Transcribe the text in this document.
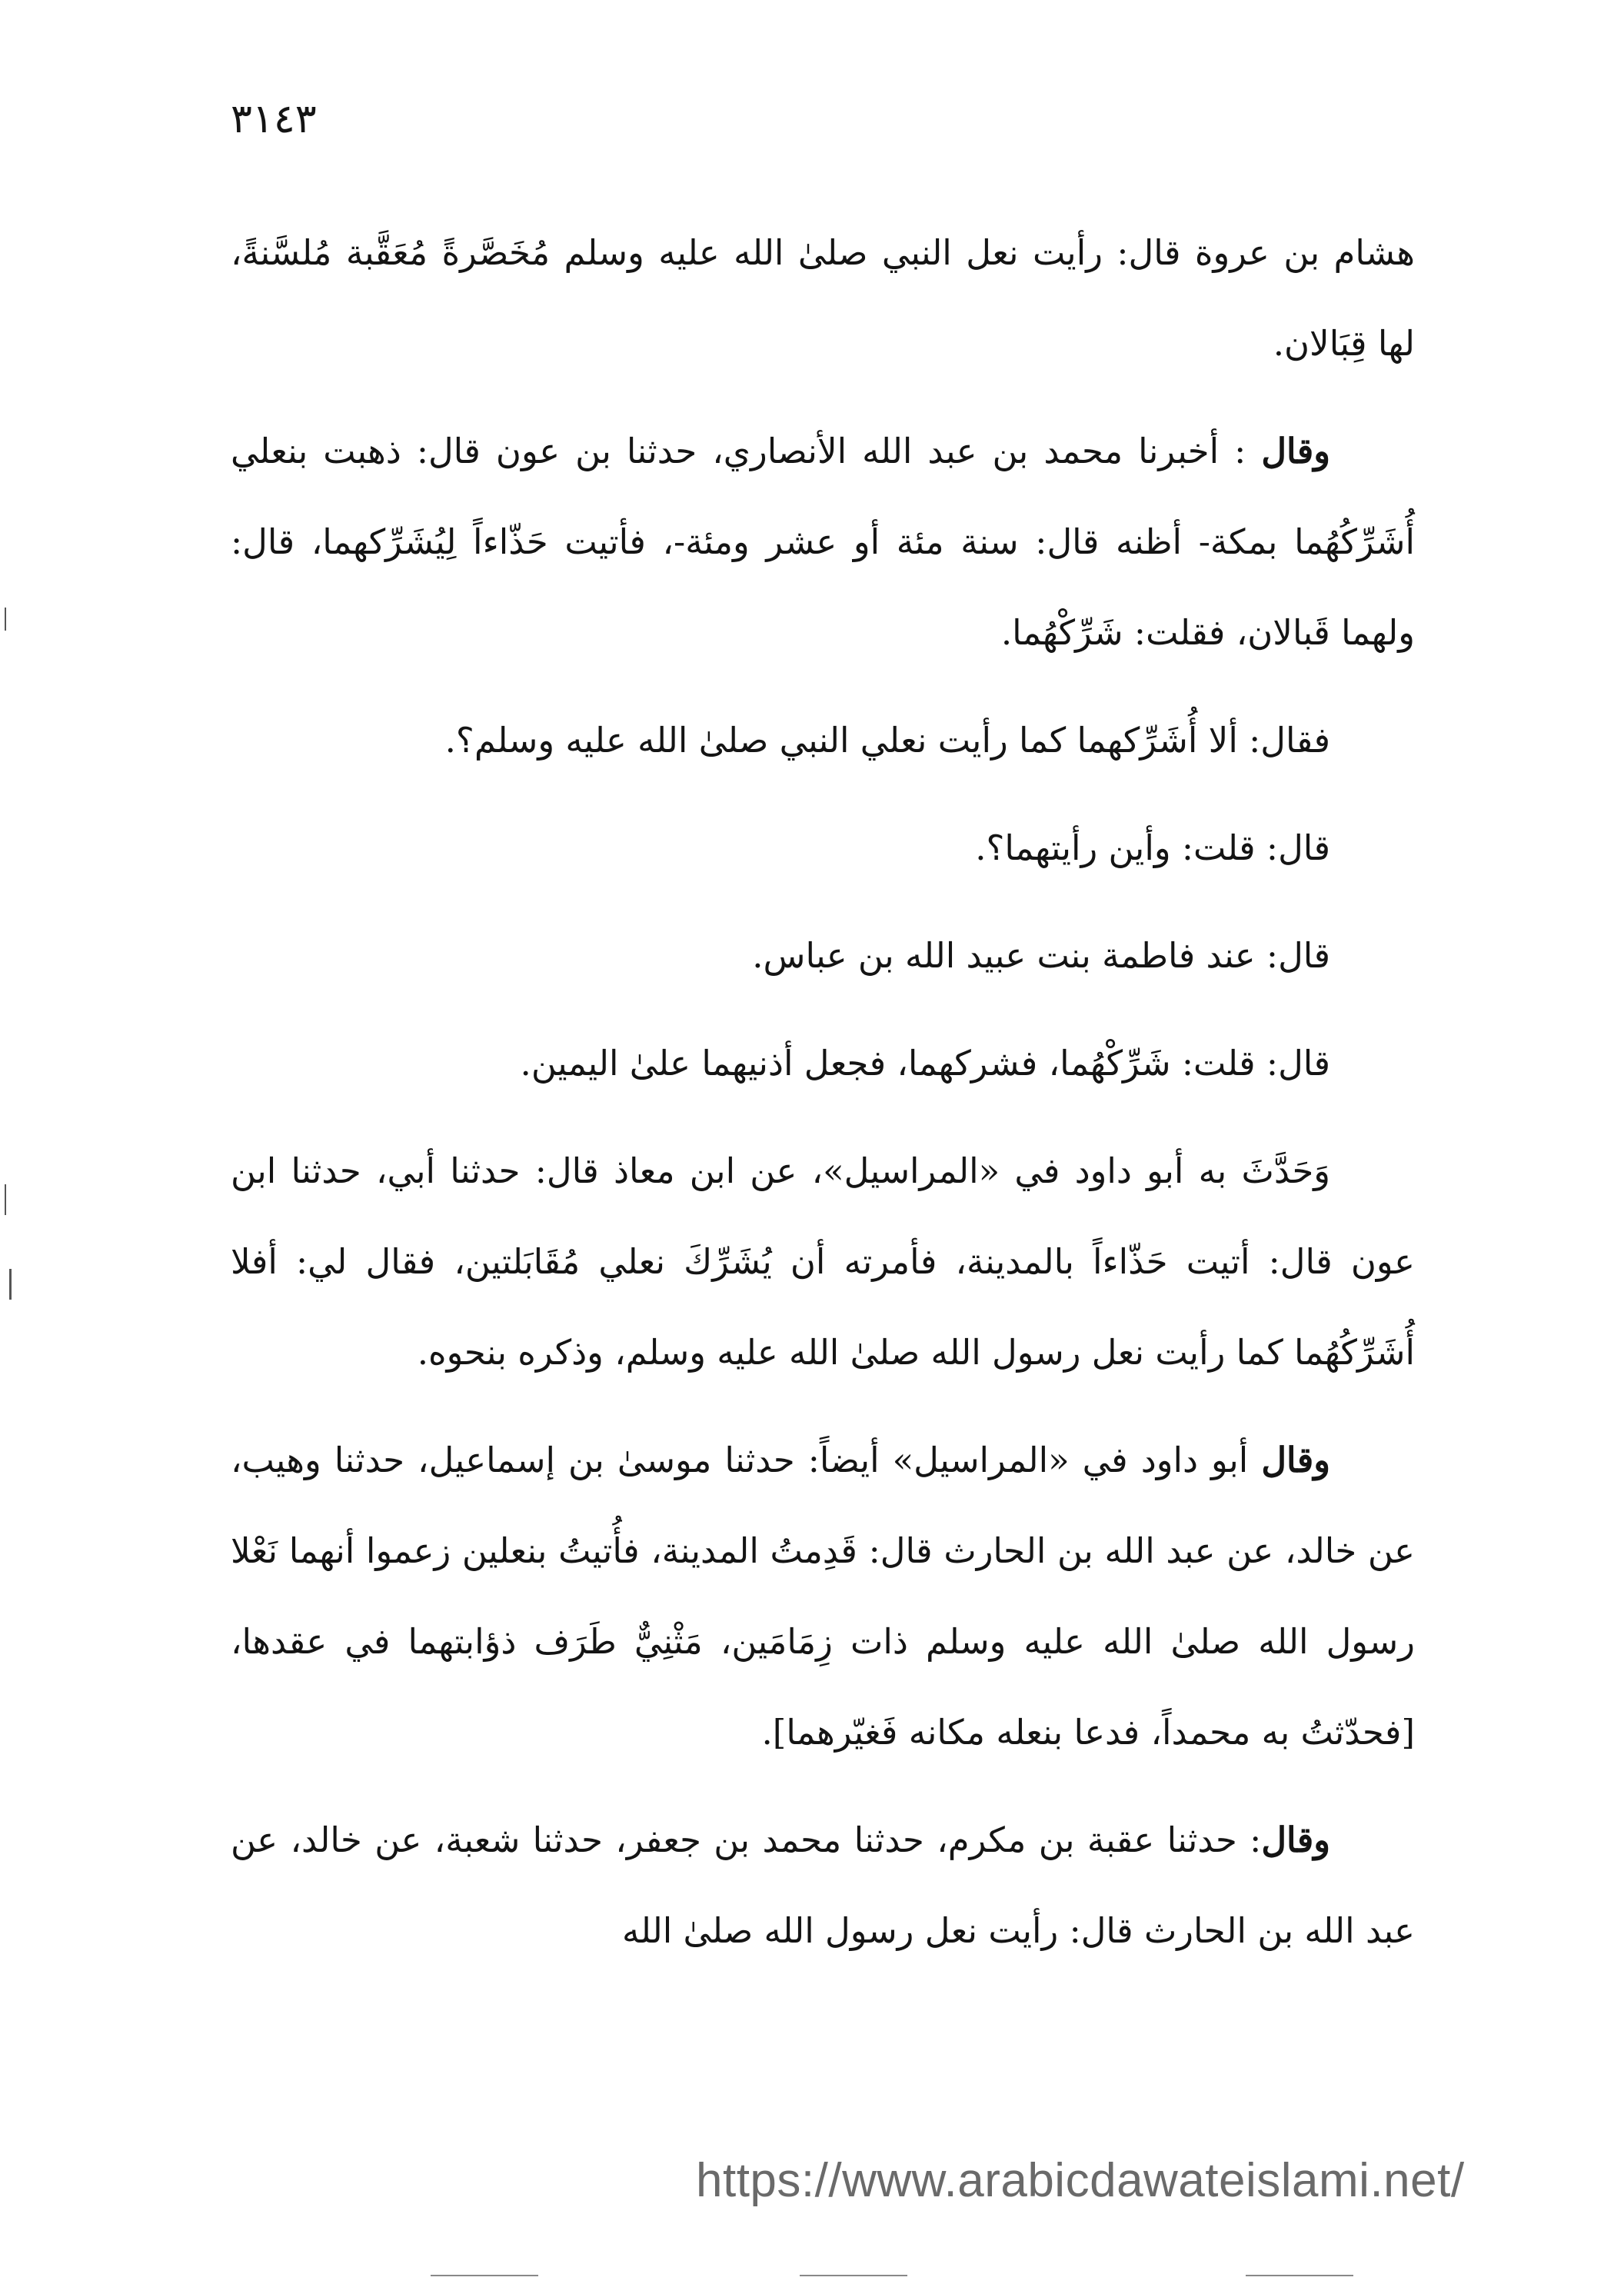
٣١٤٣

هشام بن عروة قال: رأيت نعل النبي صلىٰ الله عليه وسلم مُخَصَّرةً مُعَقَّبة مُلسَّنةً، لها قِبَالان.

وقال : أخبرنا محمد بن عبد الله الأنصاري، حدثنا بن عون قال: ذهبت بنعلي أُشَرِّكُهُما بمكة- أظنه قال: سنة مئة أو عشر ومئة-، فأتيت حَذّاءاً لِيُشَرِّكهما، قال: ولهما قَبالان، فقلت: شَرِّكْهُما.

فقال: ألا أُشَرِّكهما كما رأيت نعلي النبي صلىٰ الله عليه وسلم؟.

قال: قلت: وأين رأيتهما؟.

قال: عند فاطمة بنت عبيد الله بن عباس.

قال: قلت: شَرِّكْهُما، فشركهما، فجعل أذنيهما علىٰ اليمين.

وَحَدَّثَ به أبو داود في «المراسيل»، عن ابن معاذ قال: حدثنا أبي، حدثنا ابن عون قال: أتيت حَذّاءاً بالمدينة، فأمرته أن يُشَرِّكَ نعلي مُقَابَلتين، فقال لي: أفلا أُشَرِّكُهُما كما رأيت نعل رسول الله صلىٰ الله عليه وسلم، وذكره بنحوه.

وقال أبو داود في «المراسيل» أيضاً: حدثنا موسىٰ بن إسماعيل، حدثنا وهيب، عن خالد، عن عبد الله بن الحارث قال: قَدِمتُ المدينة، فأُتيتُ بنعلين زعموا أنهما نَعْلا رسول الله صلىٰ الله عليه وسلم ذات زِمَامَين، مَثْنِيٌّ طَرَف ذؤابتهما في عقدها، [فحدّثتُ به محمداً، فدعا بنعله مكانه فَغيّرهما].

وقال: حدثنا عقبة بن مكرم، حدثنا محمد بن جعفر، حدثنا شعبة، عن خالد، عن عبد الله بن الحارث قال: رأيت نعل رسول الله صلىٰ الله

https://www.arabicdawateislami.net/
